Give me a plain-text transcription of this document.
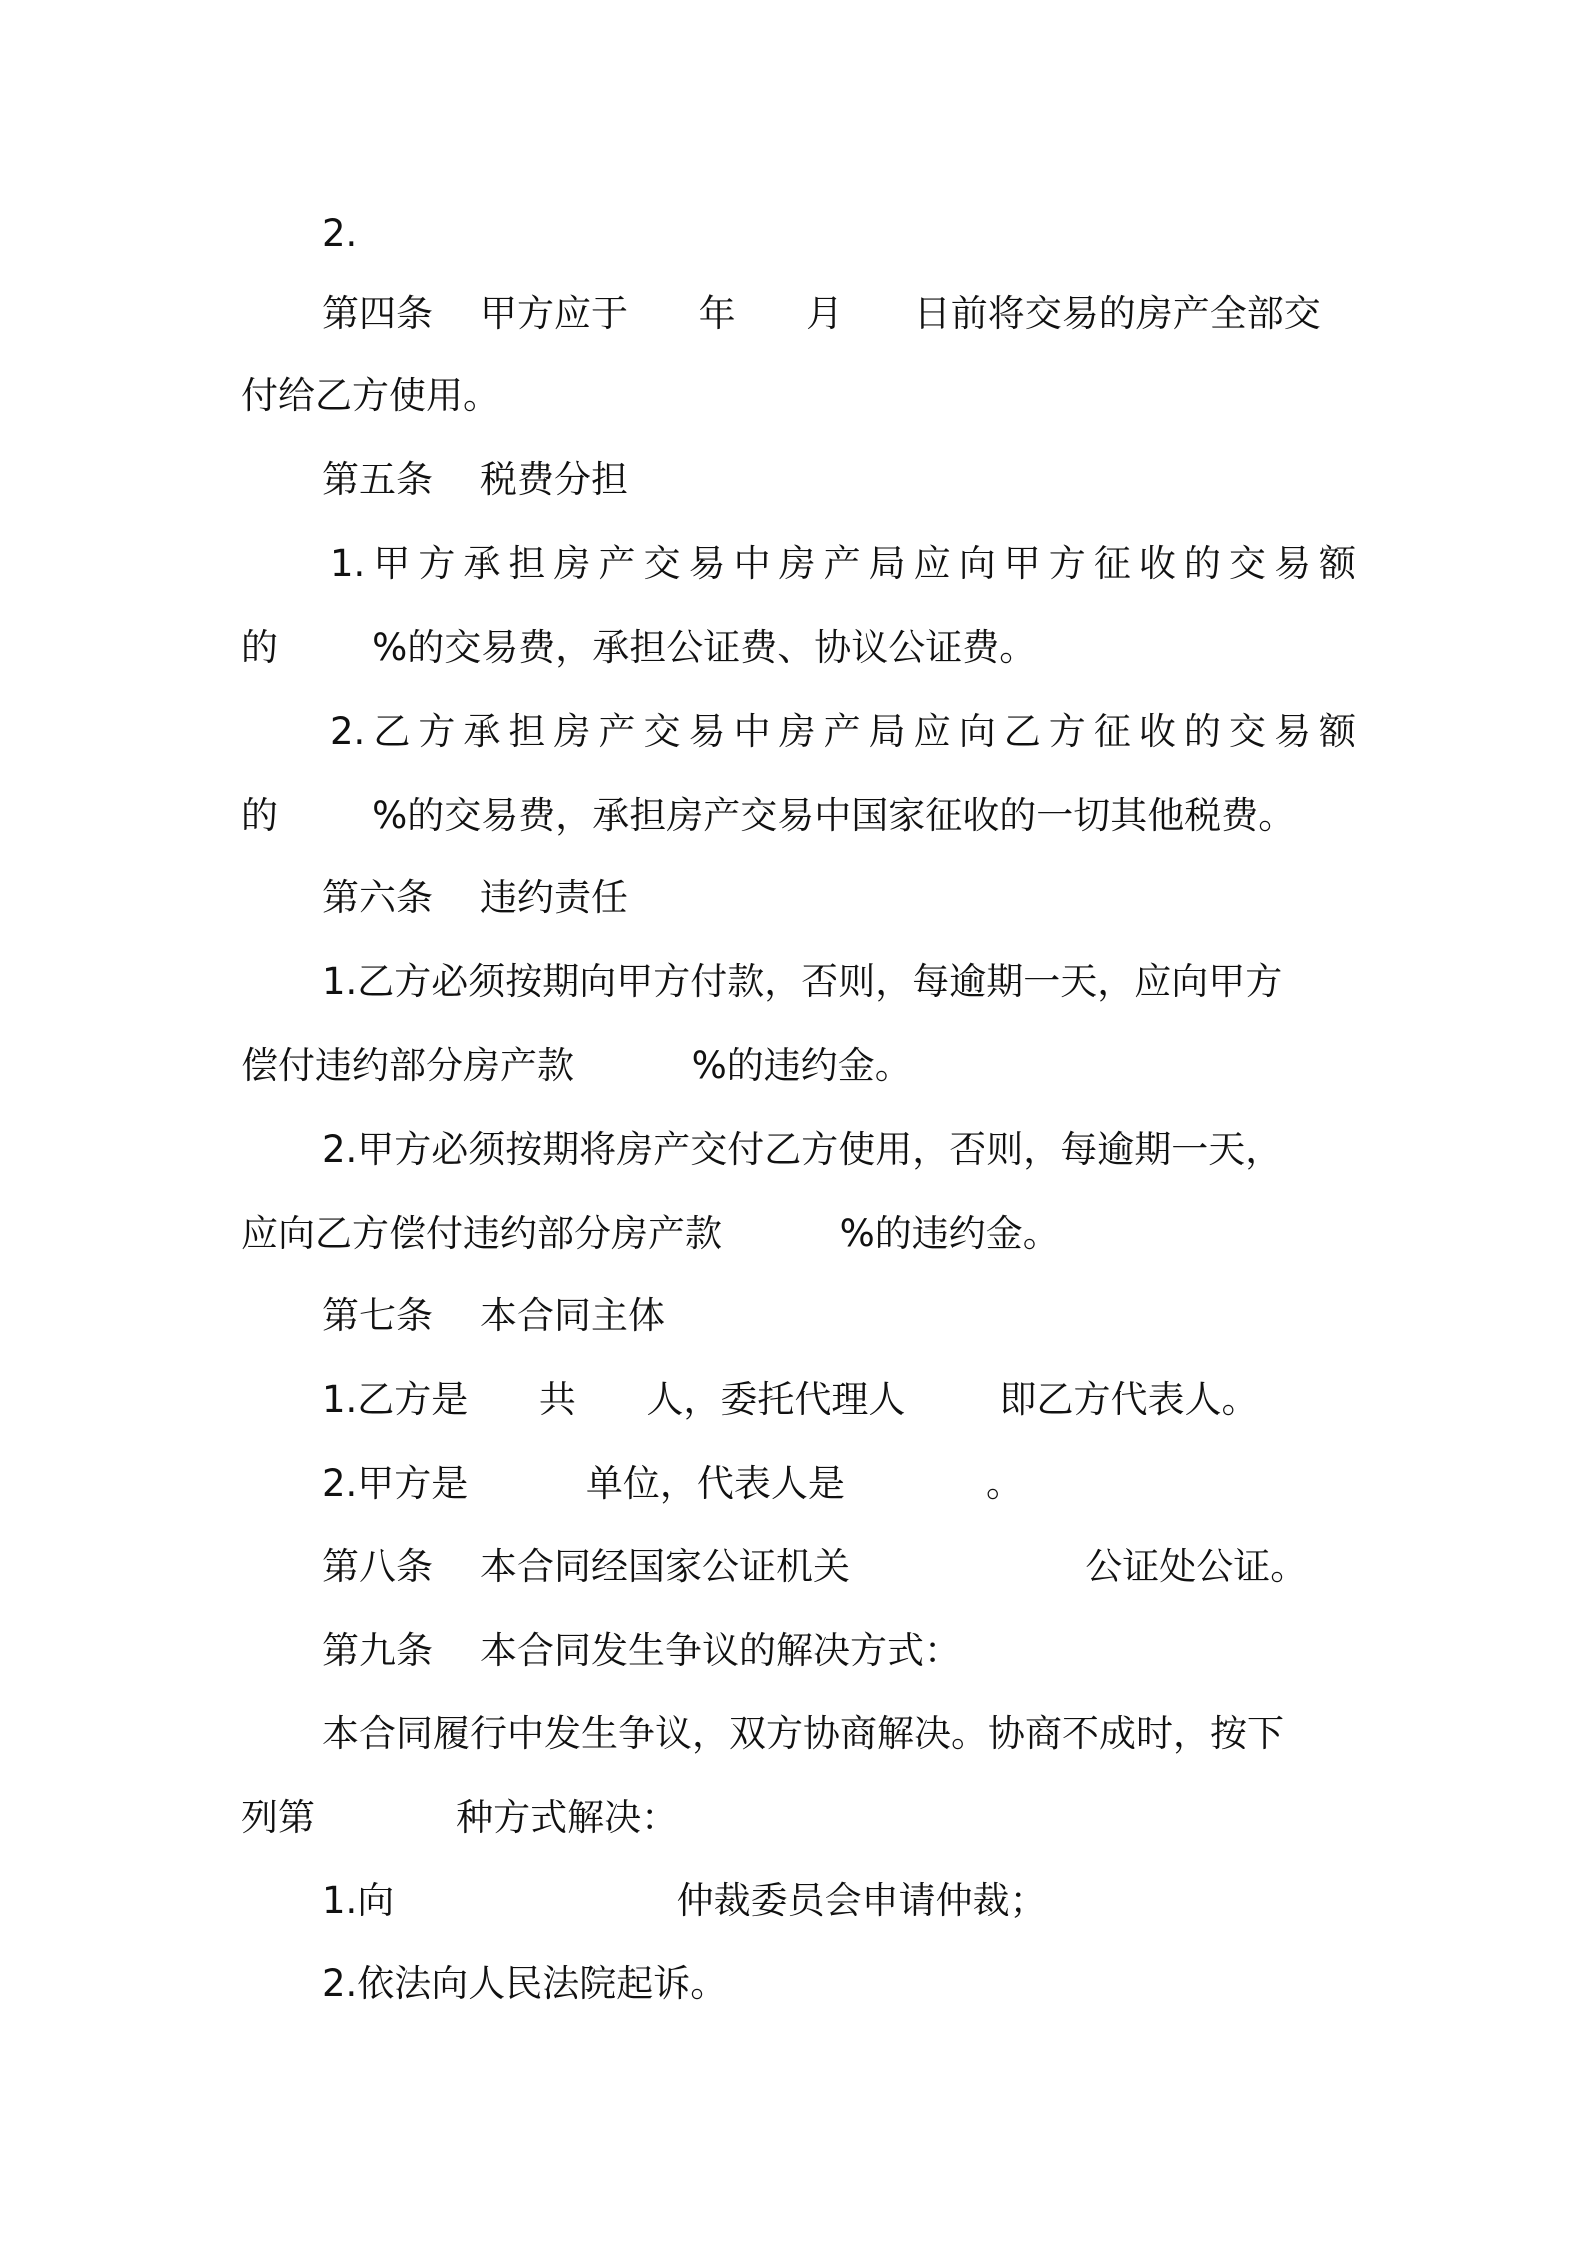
2.

第四条    甲方应于      年      月      日前将交易的房产全部交

付给乙方使用。

第五条    税费分担

1.甲方承担房产交易中房产局应向甲方征收的交易额

的        %的交易费，承担公证费、协议公证费。

2.乙方承担房产交易中房产局应向乙方征收的交易额

的        %的交易费，承担房产交易中国家征收的一切其他税费。

第六条    违约责任

1.乙方必须按期向甲方付款，否则，每逾期一天，应向甲方

偿付违约部分房产款          %的违约金。

2.甲方必须按期将房产交付乙方使用，否则，每逾期一天，

应向乙方偿付违约部分房产款          %的违约金。

第七条    本合同主体

1.乙方是      共      人，委托代理人        即乙方代表人。

2.甲方是          单位，代表人是            。

第八条    本合同经国家公证机关                    公证处公证。

第九条    本合同发生争议的解决方式：

本合同履行中发生争议，双方协商解决。协商不成时，按下

列第            种方式解决：

1.向                        仲裁委员会申请仲裁；

2.依法向人民法院起诉。
